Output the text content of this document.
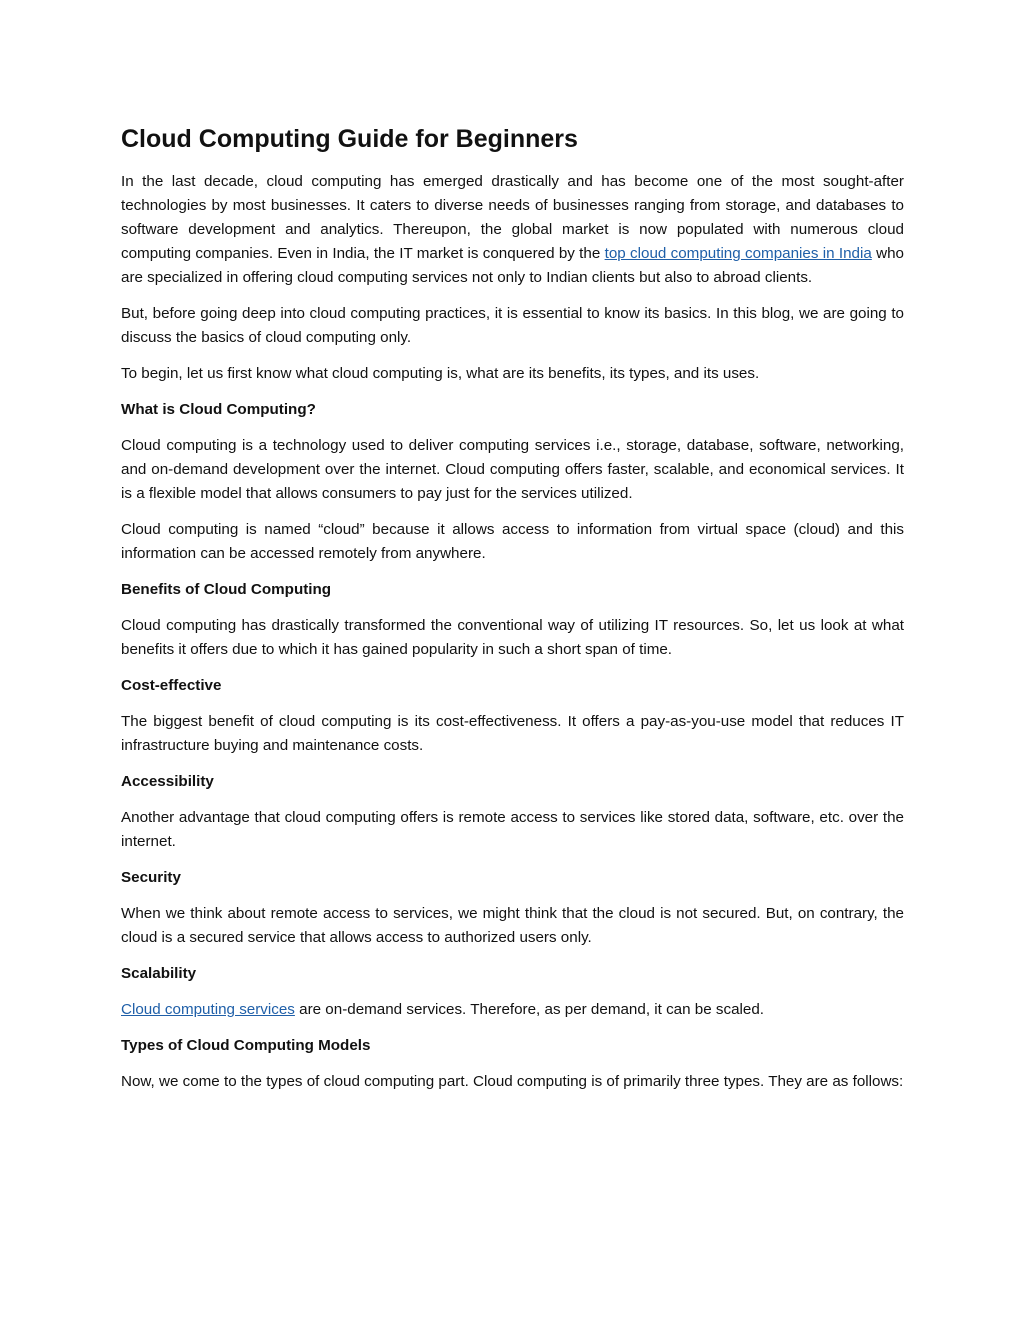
Cloud Computing Guide for Beginners

In the last decade, cloud computing has emerged drastically and has become one of the most sought-after technologies by most businesses. It caters to diverse needs of businesses ranging from storage, and databases to software development and analytics. Thereupon, the global market is now populated with numerous cloud computing companies. Even in India, the IT market is conquered by the top cloud computing companies in India who are specialized in offering cloud computing services not only to Indian clients but also to abroad clients.

But, before going deep into cloud computing practices, it is essential to know its basics. In this blog, we are going to discuss the basics of cloud computing only.

To begin, let us first know what cloud computing is, what are its benefits, its types, and its uses.

What is Cloud Computing?

Cloud computing is a technology used to deliver computing services i.e., storage, database, software, networking, and on-demand development over the internet. Cloud computing offers faster, scalable, and economical services. It is a flexible model that allows consumers to pay just for the services utilized.

Cloud computing is named “cloud” because it allows access to information from virtual space (cloud) and this information can be accessed remotely from anywhere.

Benefits of Cloud Computing

Cloud computing has drastically transformed the conventional way of utilizing IT resources. So, let us look at what benefits it offers due to which it has gained popularity in such a short span of time.

Cost-effective

The biggest benefit of cloud computing is its cost-effectiveness. It offers a pay-as-you-use model that reduces IT infrastructure buying and maintenance costs.

Accessibility

Another advantage that cloud computing offers is remote access to services like stored data, software, etc. over the internet.

Security

When we think about remote access to services, we might think that the cloud is not secured. But, on contrary, the cloud is a secured service that allows access to authorized users only.

Scalability

Cloud computing services are on-demand services. Therefore, as per demand, it can be scaled.

Types of Cloud Computing Models

Now, we come to the types of cloud computing part. Cloud computing is of primarily three types. They are as follows:
